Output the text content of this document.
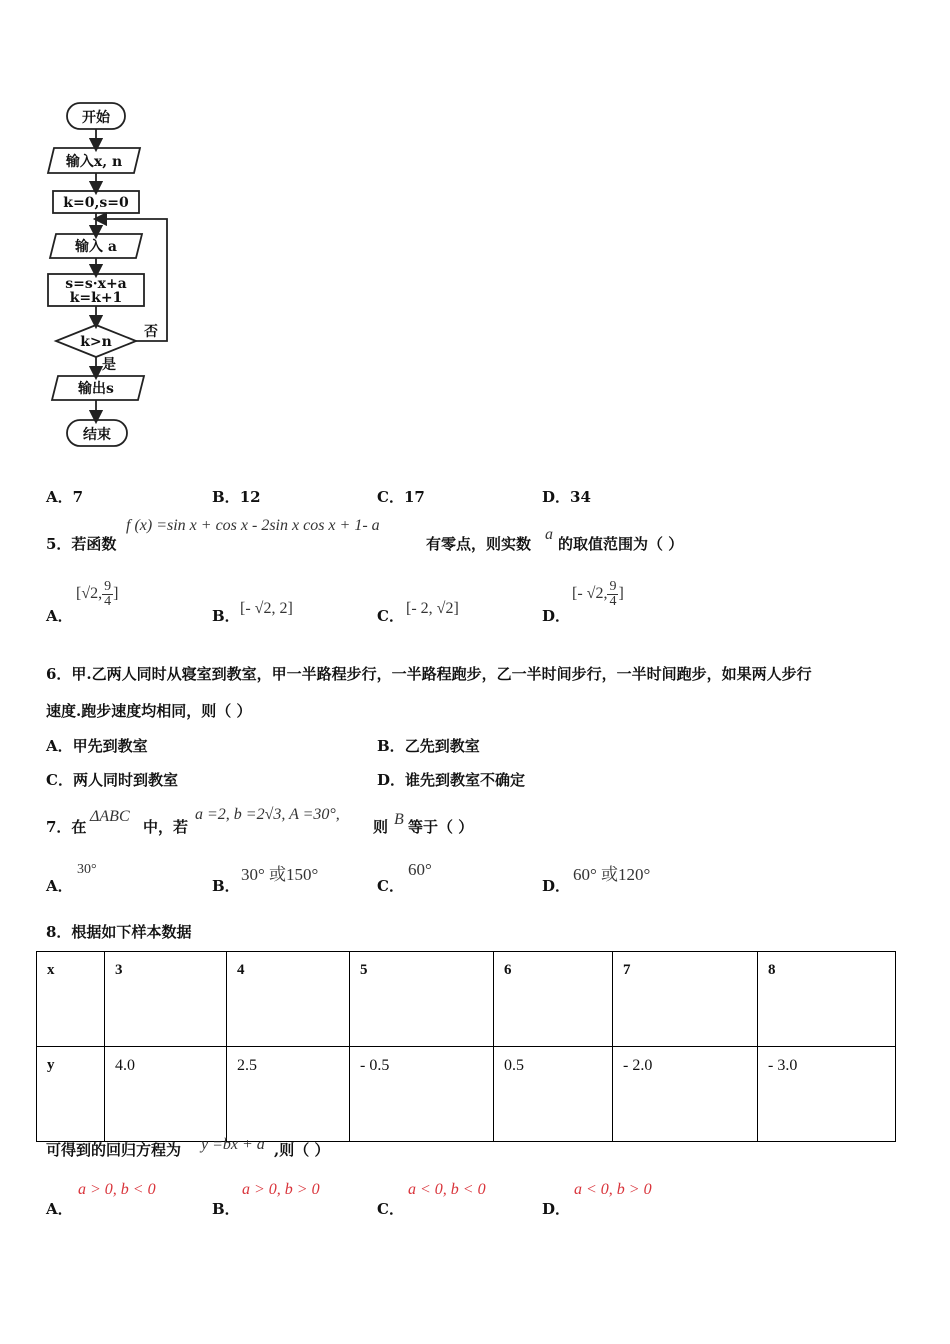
开始
输入x, n
k=0,s=0
输入 a
s=s·x+a
k=k+1
k>n
否
是
输出s
结束
A．7	B．12	C．17	D．34
5．若函数
f (x) =sin x + cos x - 2sin x cos x + 1- a
有零点，则实数
a
的取值范围为（ ）
A．
[√2, $\frac{9}{4}$ ]
B． [- √2, 2]	C． [- 2, √2]	D．
[- √2, $\frac{9}{4}$ ]
6．甲.乙两人同时从寝室到教室，甲一半路程步行，一半路程跑步，乙一半时间步行，一半时间跑步，如果两人步行
速度.跑步速度均相同，则（ ）
A．甲先到教室	B．乙先到教室
C．两人同时到教室	D．谁先到教室不确定
7．在
ΔABC
中，若
a =2, b =2√3, A =30°,
则 B 等于（ ）
A．
30°
B．
30° 或150°
C．
60°
D．
60° 或120°
8．根据如下样本数据
x	3	4	5	6	7	8
y	4.0	2.5	- 0.5	0.5	- 2.0	- 3.0
可得到的回归方程为 y =bx + a ,则（ ）
A．
a > 0, b < 0
B．
a > 0, b > 0
C．
a < 0, b < 0
D．
a < 0, b > 0
